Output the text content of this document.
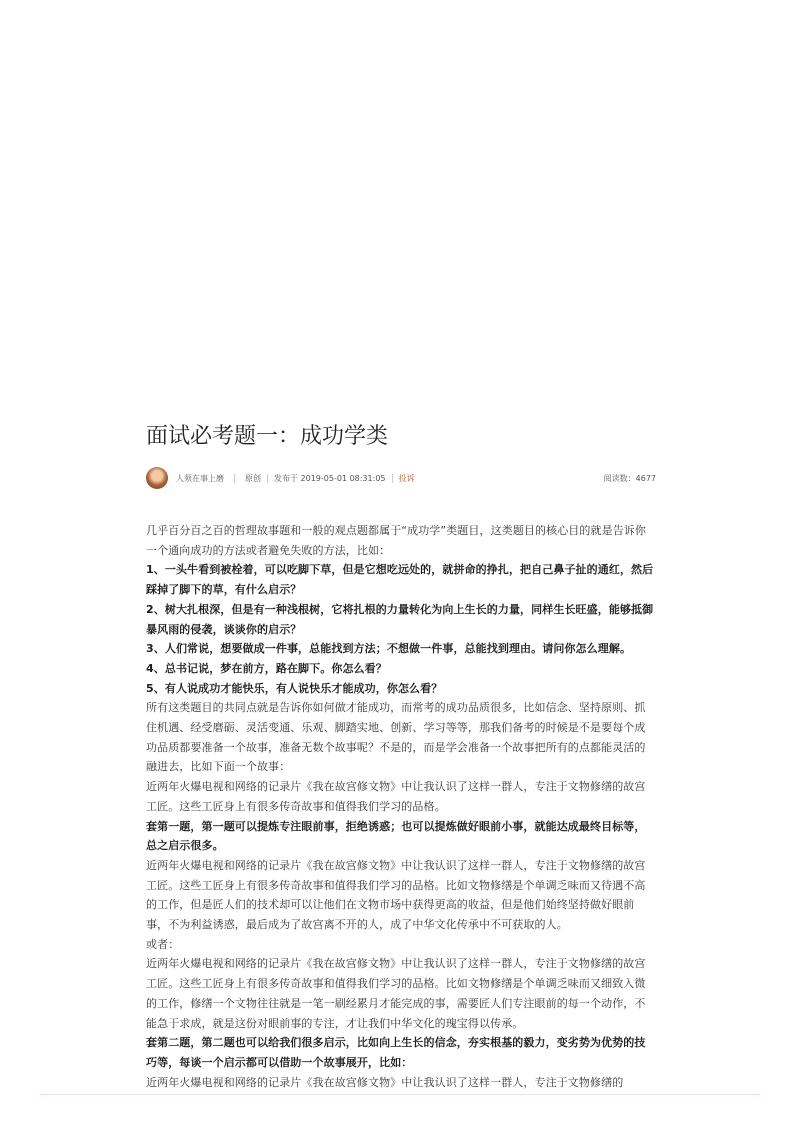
面试必考题一：成功学类
人须在事上磨	原创 发布于 2019-05-01 08:31:05 投诉	阅读数：4677

几乎百分百之百的哲理故事题和一般的观点题都属于“成功学”类题目，这类题目的核心目的就是告诉你一个通向成功的方法或者避免失败的方法，比如：

1、一头牛看到被栓着，可以吃脚下草，但是它想吃远处的，就拼命的挣扎，把自己鼻子扯的通红，然后踩掉了脚下的草，有什么启示？

2、树大扎根深，但是有一种浅根树，它将扎根的力量转化为向上生长的力量，同样生长旺盛，能够抵御暴风雨的侵袭，谈谈你的启示？

3、人们常说，想要做成一件事，总能找到方法；不想做一件事，总能找到理由。请问你怎么理解。

4、总书记说，梦在前方，路在脚下。你怎么看？

5、有人说成功才能快乐，有人说快乐才能成功，你怎么看？

所有这类题目的共同点就是告诉你如何做才能成功，而常考的成功品质很多，比如信念、坚持原则、抓住机遇、经受磨砺、灵活变通、乐观、脚踏实地、创新、学习等等，那我们备考的时候是不是要每个成功品质都要准备一个故事，准备无数个故事呢？不是的，而是学会准备一个故事把所有的点都能灵活的融进去，比如下面一个故事：

近两年火爆电视和网络的记录片《我在故宫修文物》中让我认识了这样一群人，专注于文物修缮的故宫工匠。这些工匠身上有很多传奇故事和值得我们学习的品格。

套第一题，第一题可以提炼专注眼前事，拒绝诱惑；也可以提炼做好眼前小事，就能达成最终目标等，总之启示很多。

近两年火爆电视和网络的记录片《我在故宫修文物》中让我认识了这样一群人，专注于文物修缮的故宫工匠。这些工匠身上有很多传奇故事和值得我们学习的品格。比如文物修缮是个单调乏味而又待遇不高的工作，但是匠人们的技术却可以让他们在文物市场中获得更高的收益，但是他们始终坚持做好眼前事，不为利益诱惑，最后成为了故宫离不开的人，成了中华文化传承中不可获取的人。

或者：

近两年火爆电视和网络的记录片《我在故宫修文物》中让我认识了这样一群人，专注于文物修缮的故宫工匠。这些工匠身上有很多传奇故事和值得我们学习的品格。比如文物修缮是个单调乏味而又细致入微的工作，修缮一个文物往往就是一笔一刷经累月才能完成的事，需要匠人们专注眼前的每一个动作，不能急于求成，就是这份对眼前事的专注，才让我们中华文化的瑰宝得以传承。

套第二题，第二题也可以给我们很多启示，比如向上生长的信念，夯实根基的毅力，变劣势为优势的技巧等，每谈一个启示都可以借助一个故事展开，比如：

近两年火爆电视和网络的记录片《我在故宫修文物》中让我认识了这样一群人，专注于文物修缮的
